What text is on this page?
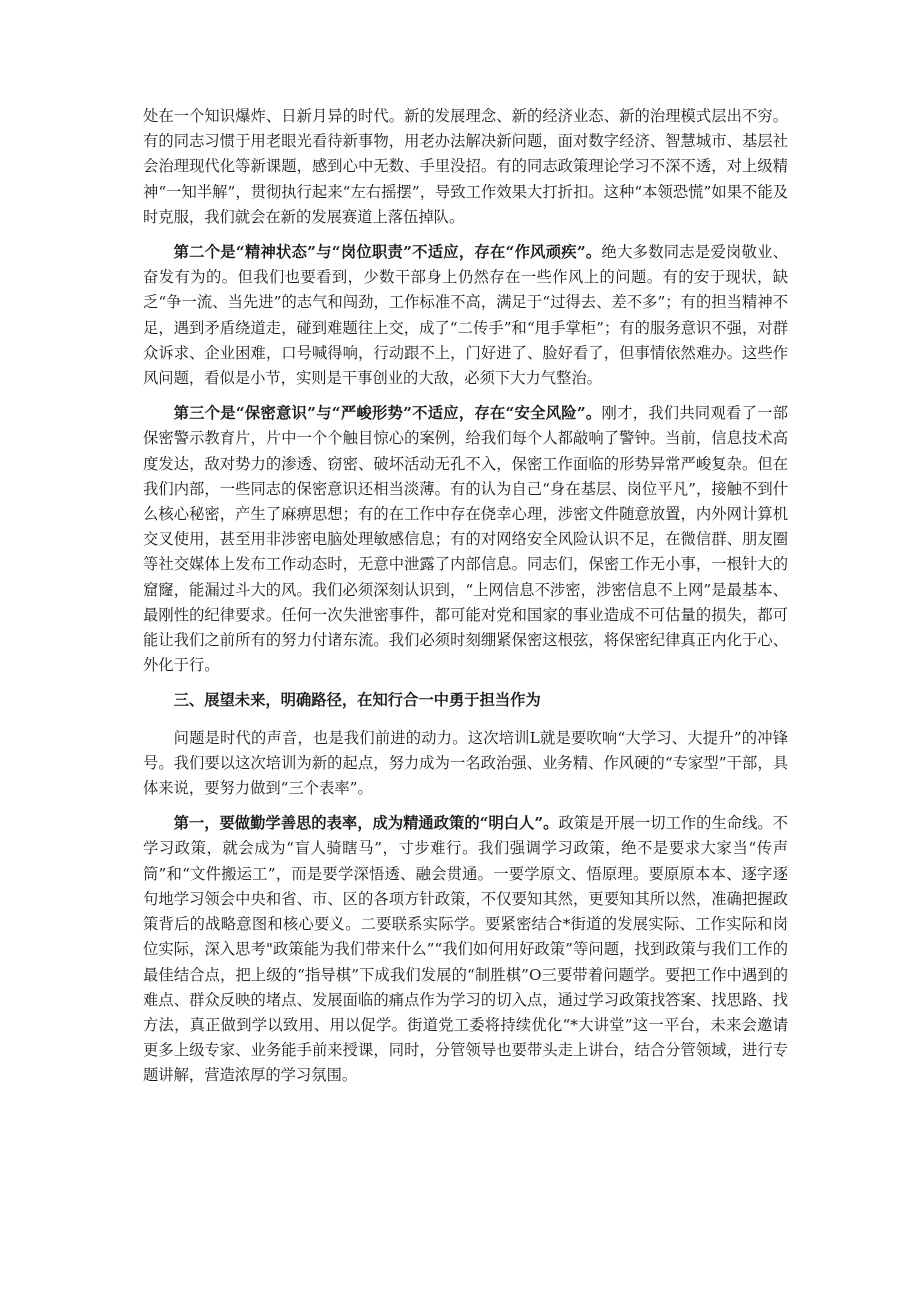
处在一个知识爆炸、日新月异的时代。新的发展理念、新的经济业态、新的治理模式层出不穷。有的同志习惯于用老眼光看待新事物，用老办法解决新问题，面对数字经济、智慧城市、基层社会治理现代化等新课题，感到心中无数、手里没招。有的同志政策理论学习不深不透，对上级精神“一知半解”，贯彻执行起来“左右摇摆”，导致工作效果大打折扣。这种“本领恐慌”如果不能及时克服，我们就会在新的发展赛道上落伍掉队。

第二个是“精神状态”与“岗位职责”不适应，存在“作风顽疾”。绝大多数同志是爱岗敬业、奋发有为的。但我们也要看到，少数干部身上仍然存在一些作风上的问题。有的安于现状，缺乏“争一流、当先进”的志气和闯劲，工作标准不高，满足于“过得去、差不多”；有的担当精神不足，遇到矛盾绕道走，碰到难题往上交，成了“二传手”和“甩手掌柜”；有的服务意识不强，对群众诉求、企业困难，口号喊得响，行动跟不上，门好进了、脸好看了，但事情依然难办。这些作风问题，看似是小节，实则是干事创业的大敌，必须下大力气整治。

第三个是“保密意识”与“严峻形势”不适应，存在“安全风险”。刚才，我们共同观看了一部保密警示教育片，片中一个个触目惊心的案例，给我们每个人都敲响了警钟。当前，信息技术高度发达，敌对势力的渗透、窃密、破坏活动无孔不入，保密工作面临的形势异常严峻复杂。但在我们内部，一些同志的保密意识还相当淡薄。有的认为自己“身在基层、岗位平凡”，接触不到什么核心秘密，产生了麻痹思想；有的在工作中存在侥幸心理，涉密文件随意放置，内外网计算机交叉使用，甚至用非涉密电脑处理敏感信息；有的对网络安全风险认识不足，在微信群、朋友圈等社交媒体上发布工作动态时，无意中泄露了内部信息。同志们，保密工作无小事，一根针大的窟窿，能漏过斗大的风。我们必须深刻认识到，“上网信息不涉密，涉密信息不上网”是最基本、最刚性的纪律要求。任何一次失泄密事件，都可能对党和国家的事业造成不可估量的损失，都可能让我们之前所有的努力付诸东流。我们必须时刻绷紧保密这根弦，将保密纪律真正内化于心、外化于行。

三、展望未来，明确路径，在知行合一中勇于担当作为

问题是时代的声音，也是我们前进的动力。这次培训L就是要吹响“大学习、大提升”的冲锋号。我们要以这次培训为新的起点，努力成为一名政治强、业务精、作风硬的“专家型”干部，具体来说，要努力做到“三个表率”。

第一，要做勤学善思的表率，成为精通政策的“明白人”。政策是开展一切工作的生命线。不学习政策，就会成为“盲人骑瞎马”，寸步难行。我们强调学习政策，绝不是要求大家当“传声筒”和“文件搬运工”，而是要学深悟透、融会贯通。一要学原文、悟原理。要原原本本、逐字逐句地学习领会中央和省、市、区的各项方针政策，不仅要知其然，更要知其所以然，准确把握政策背后的战略意图和核心要义。二要联系实际学。要紧密结合*街道的发展实际、工作实际和岗位实际，深入思考"政策能为我们带来什么”“我们如何用好政策”等问题，找到政策与我们工作的最佳结合点，把上级的“指导棋”下成我们发展的“制胜棋”O三要带着问题学。要把工作中遇到的难点、群众反映的堵点、发展面临的痛点作为学习的切入点，通过学习政策找答案、找思路、找方法，真正做到学以致用、用以促学。街道党工委将持续优化“*大讲堂”这一平台，未来会邀请更多上级专家、业务能手前来授课，同时，分管领导也要带头走上讲台，结合分管领域，进行专题讲解，营造浓厚的学习氛围。
